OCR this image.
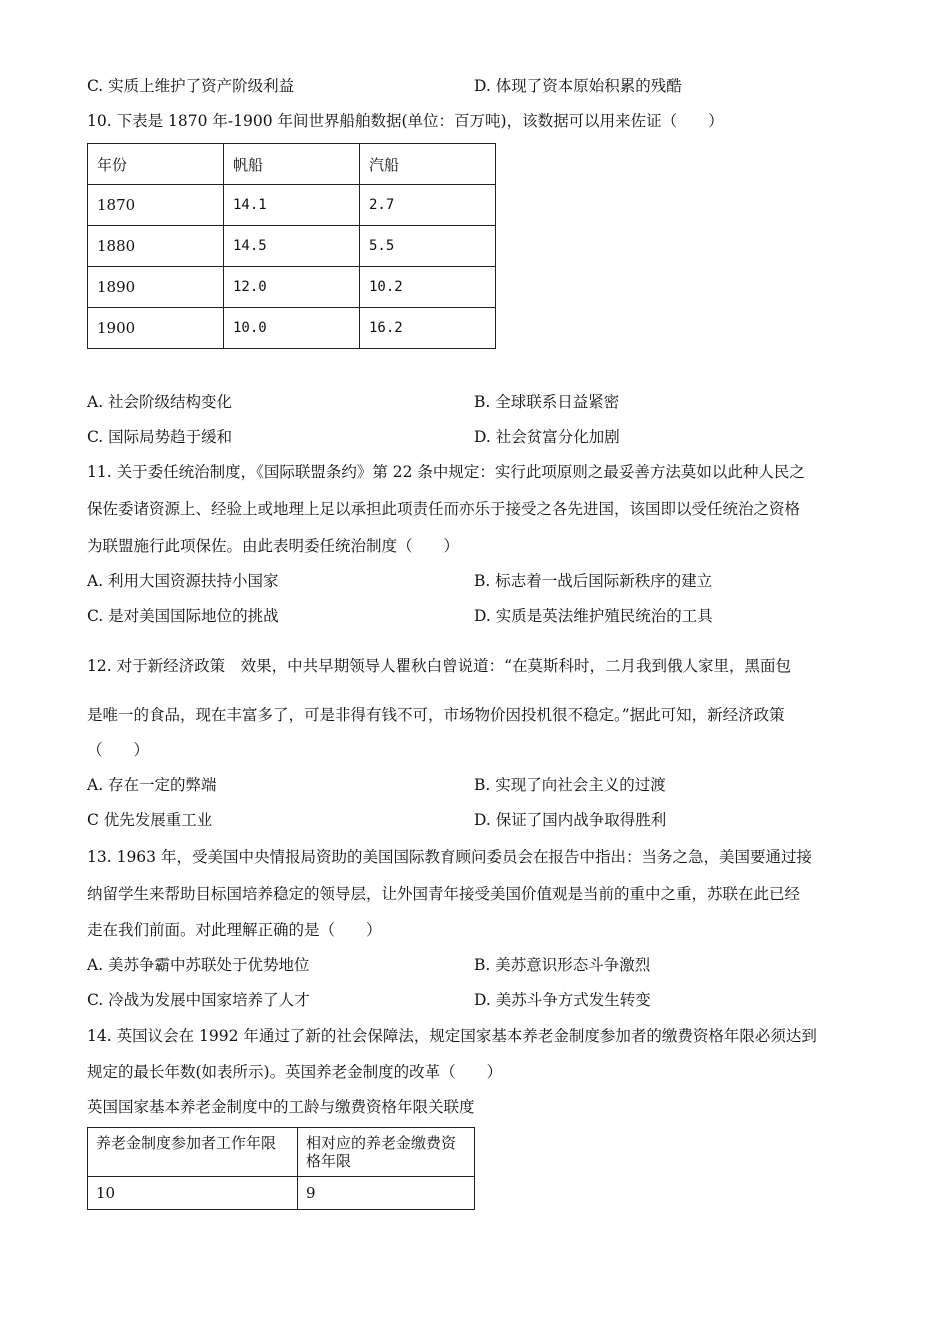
C. 实质上维护了资产阶级利益	D. 体现了资本原始积累的残酷
10. 下表是 1870 年-1900 年间世界船舶数据(单位：百万吨)，该数据可以用来佐证（　　）
年份	帆船	汽船
1870	14.1	2.7
1880	14.5	5.5
1890	12.0	10.2
1900	10.0	16.2
A. 社会阶级结构变化	B. 全球联系日益紧密
C. 国际局势趋于缓和	D. 社会贫富分化加剧
11. 关于委任统治制度，《国际联盟条约》第 22 条中规定：实行此项原则之最妥善方法莫如以此种人民之
保佐委诸资源上、经验上或地理上足以承担此项责任而亦乐于接受之各先进国，该国即以受任统治之资格
为联盟施行此项保佐。由此表明委任统治制度（　　）
A. 利用大国资源扶持小国家	B. 标志着一战后国际新秩序的建立
C. 是对美国国际地位的挑战	D. 实质是英法维护殖民统治的工具
12. 对于新经济政策　效果，中共早期领导人瞿秋白曾说道：“在莫斯科时，二月我到俄人家里，黑面包
是唯一的食品，现在丰富多了，可是非得有钱不可，市场物价因投机很不稳定。”据此可知，新经济政策
（　　）
A. 存在一定的弊端	B. 实现了向社会主义的过渡
C 优先发展重工业	D. 保证了国内战争取得胜利
13. 1963 年，受美国中央情报局资助的美国国际教育顾问委员会在报告中指出：当务之急，美国要通过接
纳留学生来帮助目标国培养稳定的领导层，让外国青年接受美国价值观是当前的重中之重，苏联在此已经
走在我们前面。对此理解正确的是（　　）
A. 美苏争霸中苏联处于优势地位	B. 美苏意识形态斗争激烈
C. 冷战为发展中国家培养了人才	D. 美苏斗争方式发生转变
14. 英国议会在 1992 年通过了新的社会保障法，规定国家基本养老金制度参加者的缴费资格年限必须达到
规定的最长年数(如表所示)。英国养老金制度的改革（　　）
英国国家基本养老金制度中的工龄与缴费资格年限关联度
养老金制度参加者工作年限	相对应的养老金缴费资格年限
10	9
